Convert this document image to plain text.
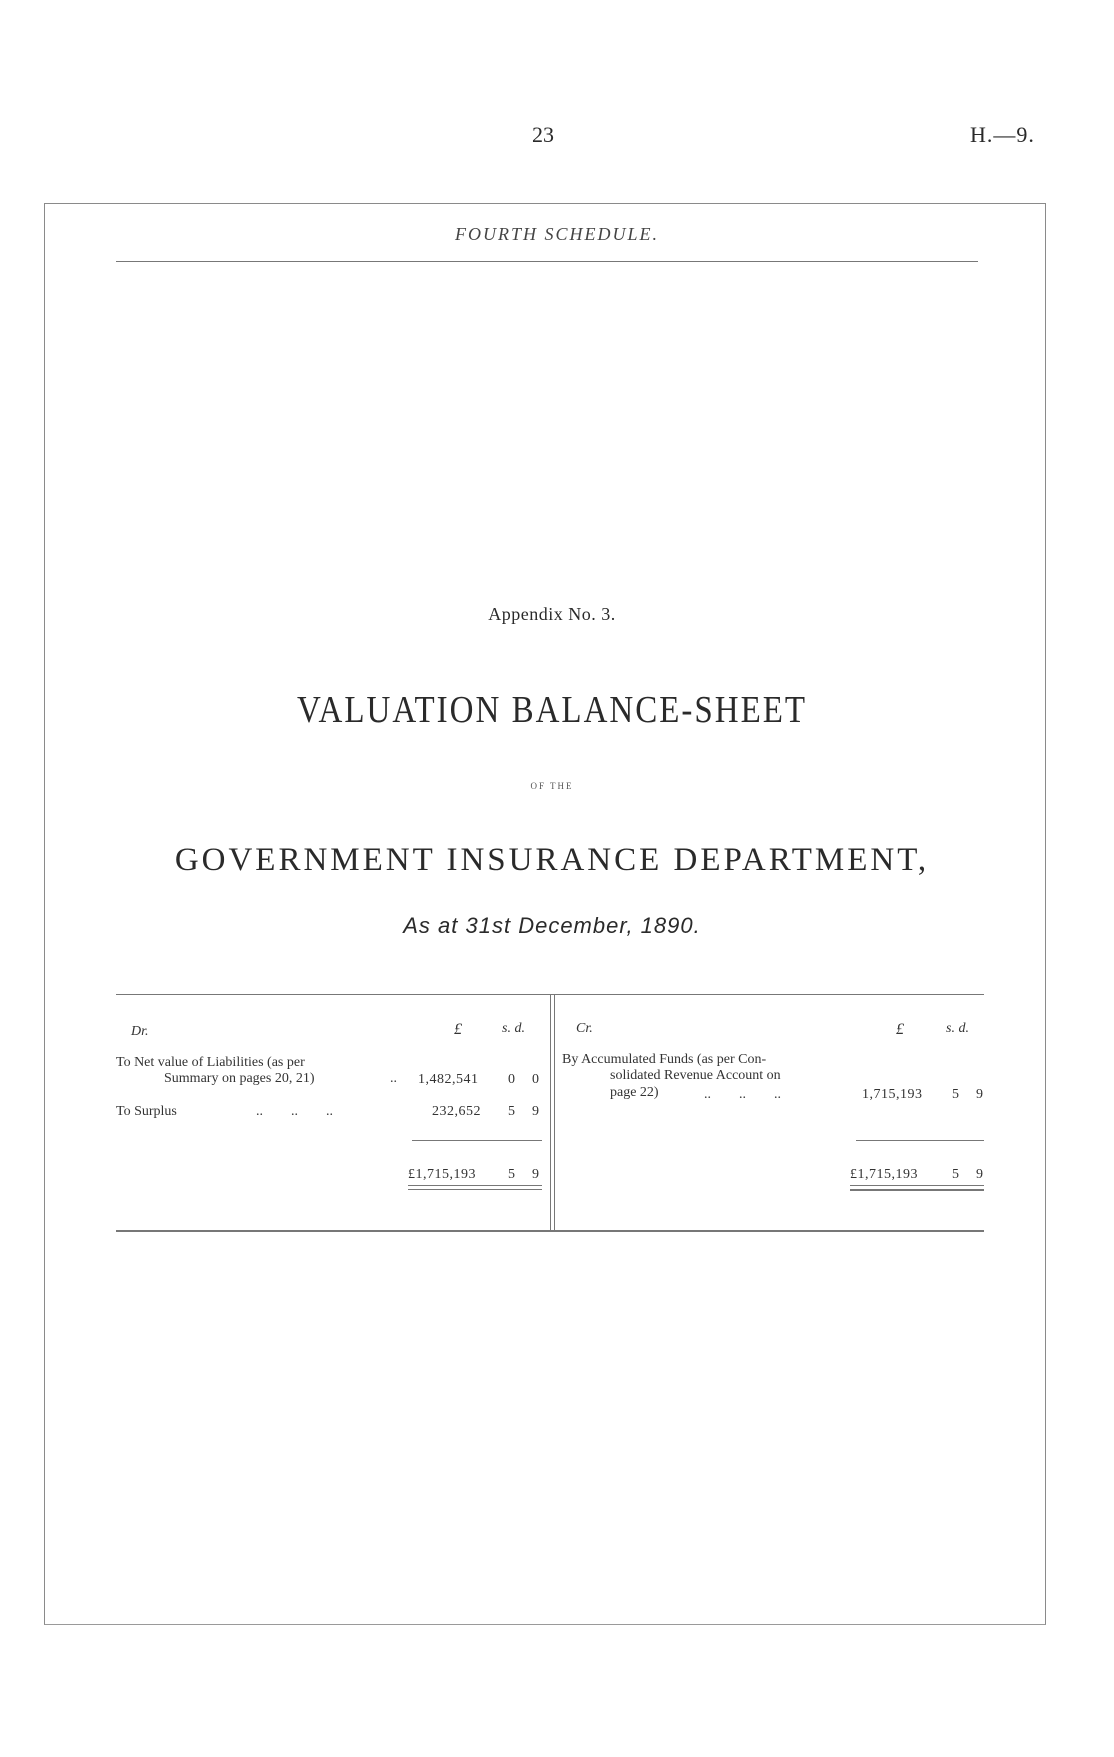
23	H.—9.
FOURTH SCHEDULE.
Appendix No. 3.
VALUATION BALANCE-SHEET
OF THE
GOVERNMENT INSURANCE DEPARTMENT,
As at 31st December, 1890.
Dr.	£	s. d.
To Net value of Liabilities (as per
Summary on pages 20, 21)	.. 1,482,541 0 0
To Surplus	..        ..        ..	232,652 5 9
£1,715,193 5 9
Cr.	£	s. d.
By Accumulated Funds (as per Con-
solidated Revenue Account on
page 22)	..        ..        ..	1,715,193 5 9
£1,715,193 5 9
